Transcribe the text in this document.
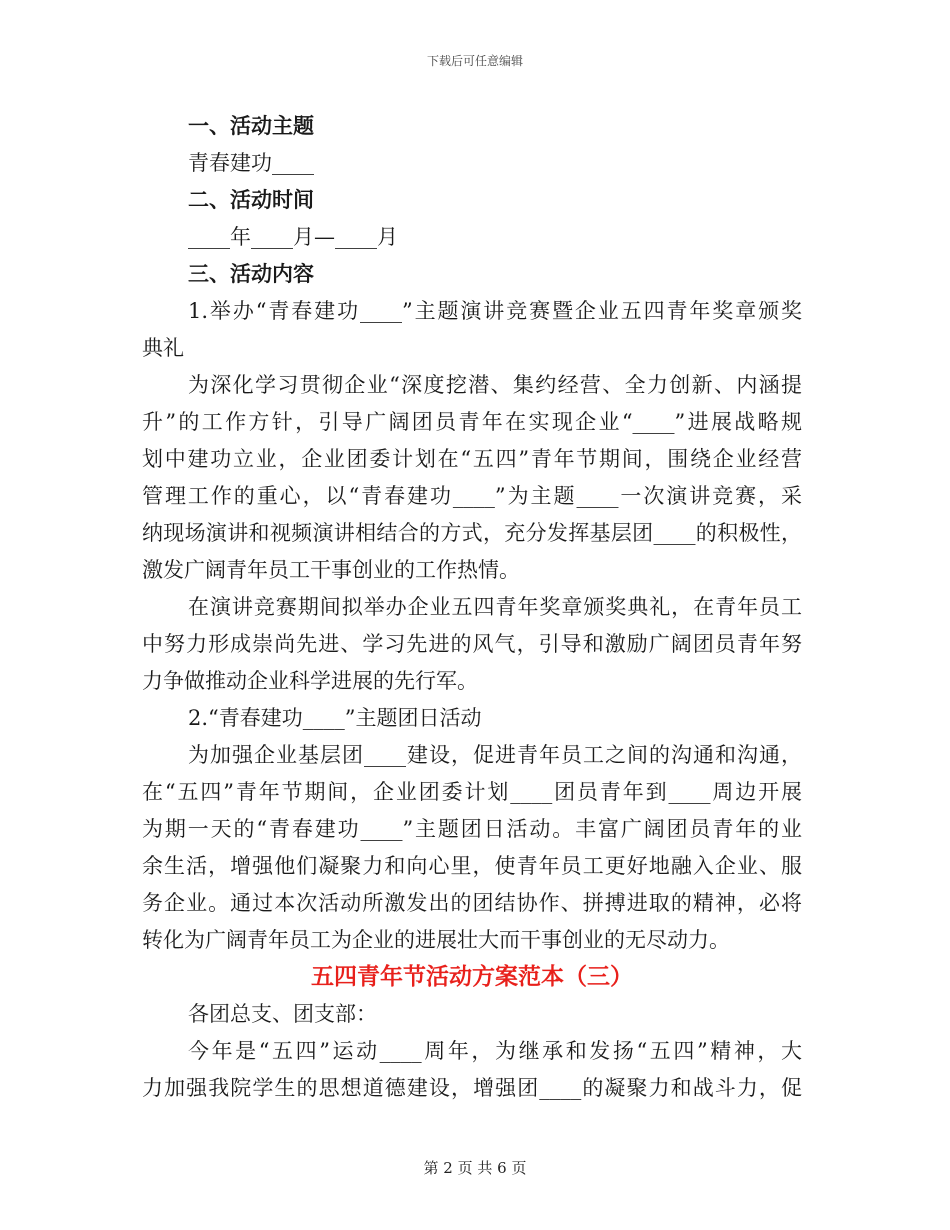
下载后可任意编辑
一、活动主题
青春建功____
二、活动时间
____年____月—____月
三、活动内容
1.举办“青春建功____”主题演讲竞赛暨企业五四青年奖章颁奖
典礼
为深化学习贯彻企业“深度挖潜、集约经营、全力创新、内涵提
升”的工作方针，引导广阔团员青年在实现企业“____”进展战略规
划中建功立业，企业团委计划在“五四”青年节期间，围绕企业经营
管理工作的重心，以“青春建功____”为主题____一次演讲竞赛，采
纳现场演讲和视频演讲相结合的方式，充分发挥基层团____的积极性，
激发广阔青年员工干事创业的工作热情。
在演讲竞赛期间拟举办企业五四青年奖章颁奖典礼，在青年员工
中努力形成崇尚先进、学习先进的风气，引导和激励广阔团员青年努
力争做推动企业科学进展的先行军。
2.“青春建功____”主题团日活动
为加强企业基层团____建设，促进青年员工之间的沟通和沟通，
在“五四”青年节期间，企业团委计划____团员青年到____周边开展
为期一天的“青春建功____”主题团日活动。丰富广阔团员青年的业
余生活，增强他们凝聚力和向心里，使青年员工更好地融入企业、服
务企业。通过本次活动所激发出的团结协作、拼搏进取的精神，必将
转化为广阔青年员工为企业的进展壮大而干事创业的无尽动力。
五四青年节活动方案范本（三）
各团总支、团支部：
今年是“五四”运动____周年，为继承和发扬“五四”精神，大
力加强我院学生的思想道德建设，增强团____的凝聚力和战斗力，促
第 2 页 共 6 页
